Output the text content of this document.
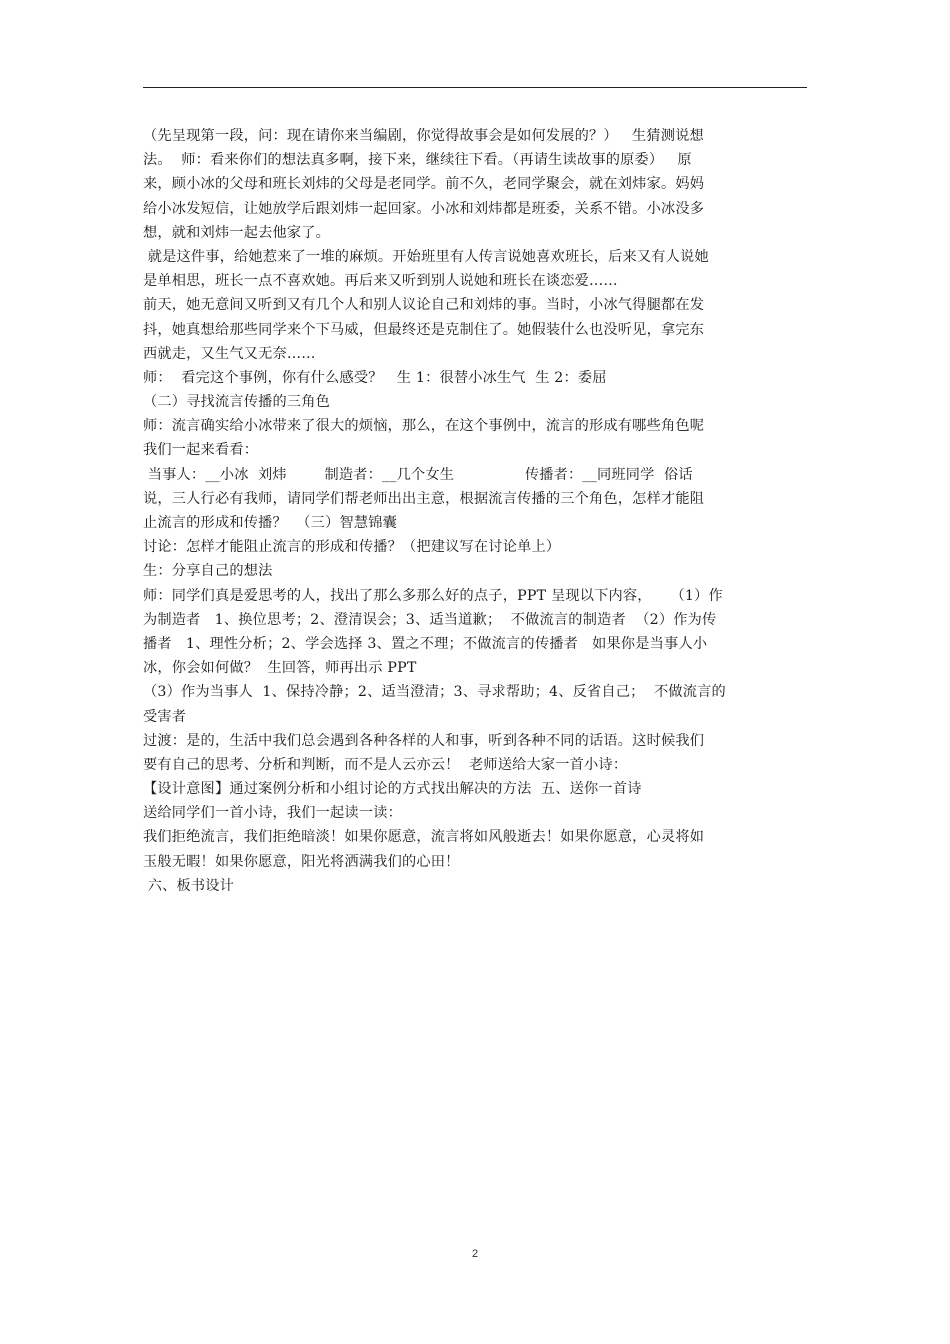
（先呈现第一段，问：现在请你来当编剧，你觉得故事会是如何发展的？）   生猜测说想
法。  师：看来你们的想法真多啊，接下来，继续往下看。（再请生读故事的原委）   原
来，顾小冰的父母和班长刘炜的父母是老同学。前不久，老同学聚会，就在刘炜家。妈妈
给小冰发短信，让她放学后跟刘炜一起回家。小冰和刘炜都是班委，关系不错。小冰没多
想，就和刘炜一起去他家了。
就是这件事，给她惹来了一堆的麻烦。开始班里有人传言说她喜欢班长，后来又有人说她
是单相思，班长一点不喜欢她。再后来又听到别人说她和班长在谈恋爱……
前天，她无意间又听到又有几个人和别人议论自己和刘炜的事。当时，小冰气得腿都在发
抖，她真想给那些同学来个下马威，但最终还是克制住了。她假装什么也没听见，拿完东
西就走，又生气又无奈……
师：  看完这个事例，你有什么感受？   生 1：很替小冰生气  生 2：委屈
（二）寻找流言传播的三角色
师：流言确实给小冰带来了很大的烦恼，那么，在这个事例中，流言的形成有哪些角色呢
我们一起来看看：
当事人：__小冰  刘炜        制造者：__几个女生               传播者：__同班同学  俗话
说，三人行必有我师，请同学们帮老师出出主意，根据流言传播的三个角色，怎样才能阻
止流言的形成和传播？  （三）智慧锦囊
讨论：怎样才能阻止流言的形成和传播？（把建议写在讨论单上）
生：分享自己的想法
师：同学们真是爱思考的人，找出了那么多那么好的点子，PPT 呈现以下内容，    （1）作
为制造者   1、换位思考；2、澄清误会；3、适当道歉；  不做流言的制造者  （2）作为传
播者   1、理性分析；2、学会选择 3、置之不理；不做流言的传播者   如果你是当事人小
冰，你会如何做？  生回答，师再出示 PPT
（3）作为当事人  1、保持冷静；2、适当澄清；3、寻求帮助；4、反省自己；  不做流言的
受害者
过渡：是的，生活中我们总会遇到各种各样的人和事，听到各种不同的话语。这时候我们
要有自己的思考、分析和判断，而不是人云亦云！  老师送给大家一首小诗：
【设计意图】通过案例分析和小组讨论的方式找出解决的方法  五、送你一首诗
送给同学们一首小诗，我们一起读一读：
我们拒绝流言，我们拒绝暗淡！如果你愿意，流言将如风般逝去！如果你愿意，心灵将如
玉般无暇！如果你愿意，阳光将洒满我们的心田！
六、板书设计
2
